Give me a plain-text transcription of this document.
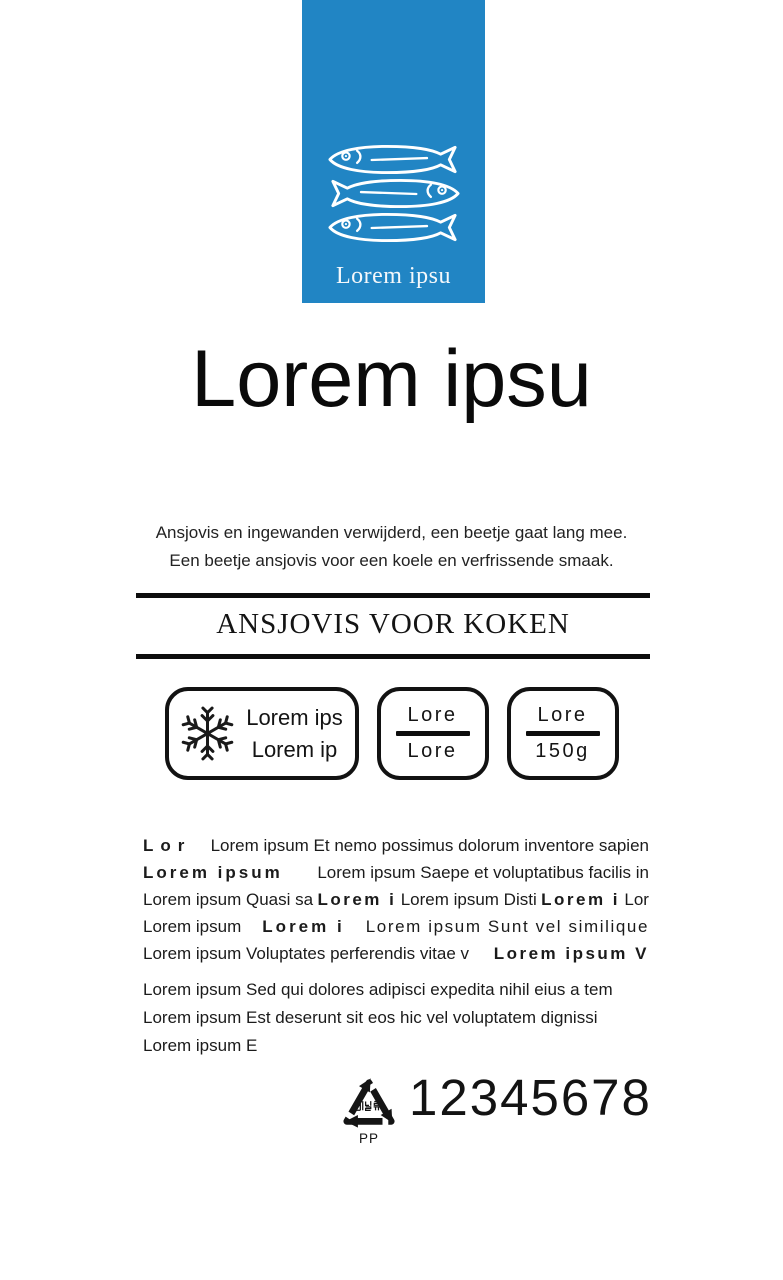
Lorem ipsu
Lorem ipsu
Ansjovis en ingewanden verwijderd, een beetje gaat lang mee.
Een beetje ansjovis voor een koele en verfrissende smaak.
ANSJOVIS VOOR KOKEN
Lorem ips
Lorem ip
Lore
Lore
Lore
150g
Lor Lorem ipsum Et nemo possimus dolorum inventore sapien
Lorem ipsum Lorem ipsum Saepe et voluptatibus facilis in
Lorem ipsum Quasi sa Lorem i Lorem ipsum Disti Lorem i Lor
Lorem ipsum Lorem i Lorem ipsum Sunt vel similique
Lorem ipsum Voluptates perferendis vitae v Lorem ipsum V
Lorem ipsum Sed qui dolores adipisci expedita nihil eius a tem
Lorem ipsum Est deserunt sit eos hic vel voluptatem dignissi
Lorem ipsum E
PP
12345678
